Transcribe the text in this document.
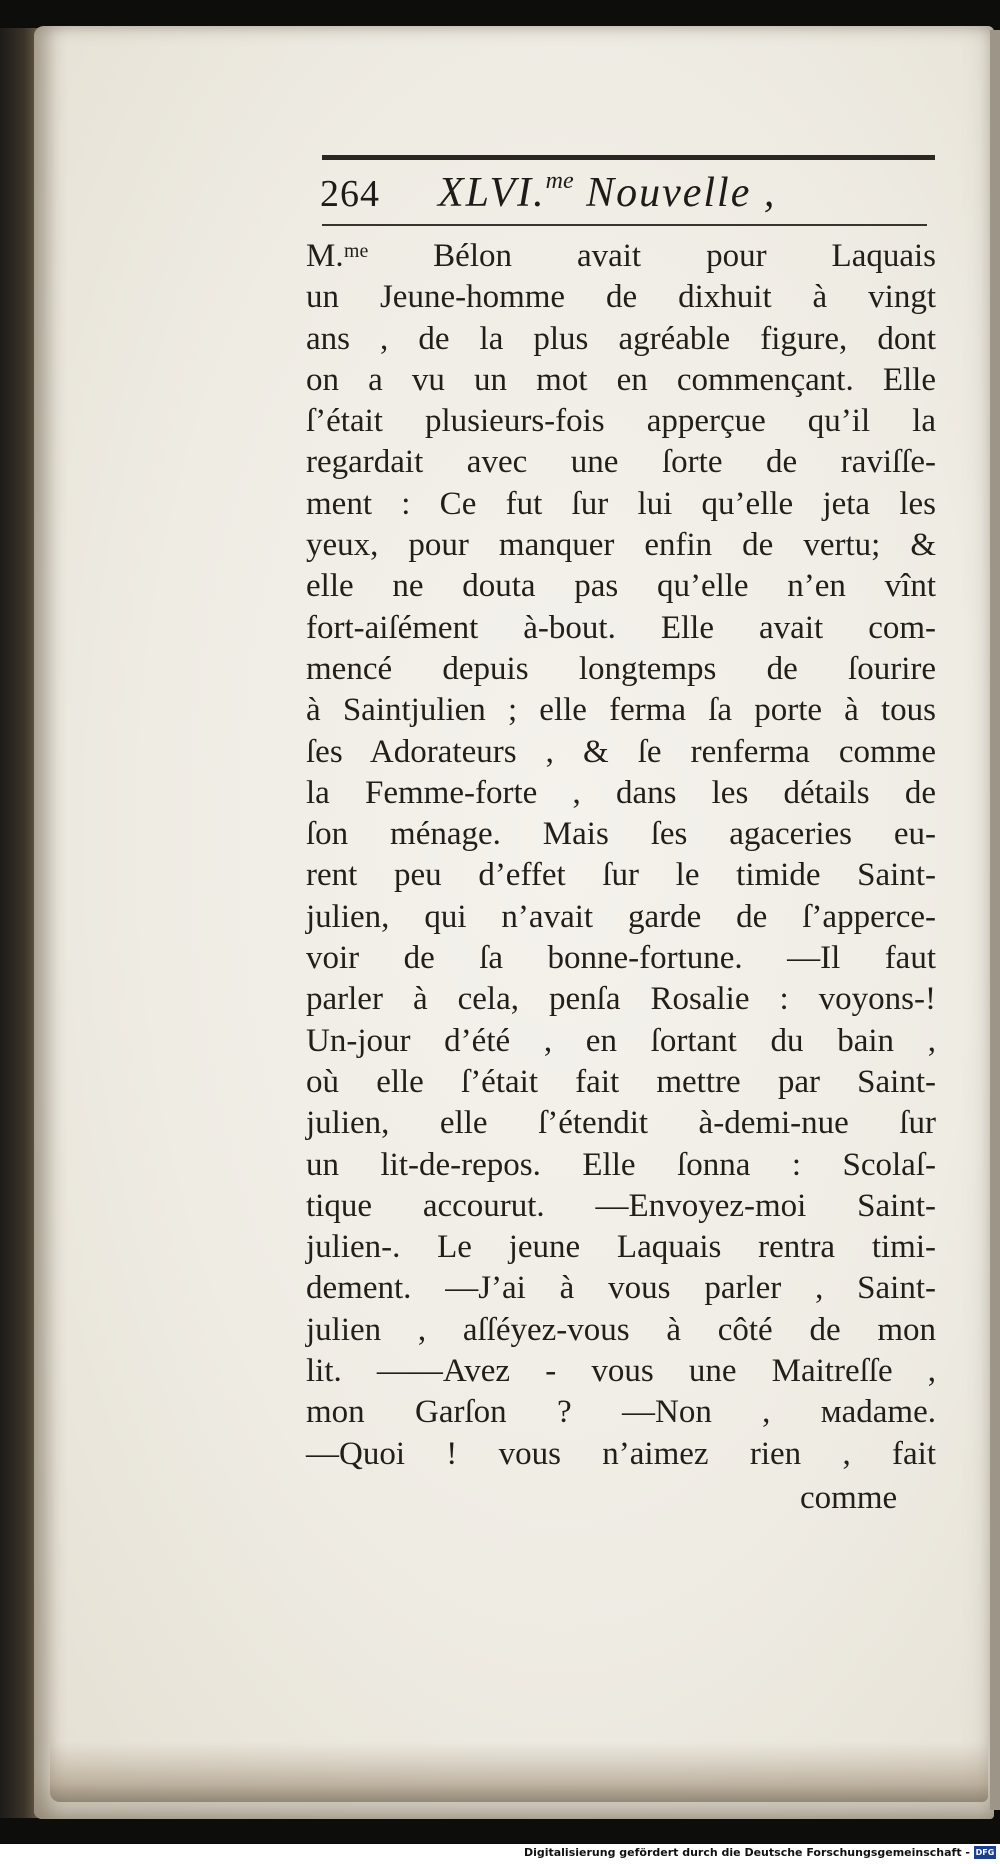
264 XLVI.$^{me}$ Nouvelle ,
M.ᵐᵉ Bélon avait pour Laquais
un Jeune-homme de dixhuit à vingt
ans , de la plus agréable figure, dont
on a vu un mot en commençant. Elle
ſ’était plusieurs-fois apperçue qu’il la
regardait avec une ſorte de raviſſe-
ment : Ce fut ſur lui qu’elle jeta les
yeux, pour manquer enfin de vertu; &
elle ne douta pas qu’elle n’en vînt
fort-aiſément à-bout. Elle avait com-
mencé depuis longtemps de ſourire
à Saintjulien ; elle ferma ſa porte à tous
ſes Adorateurs , & ſe renferma comme
la Femme-forte , dans les détails de
ſon ménage. Mais ſes agaceries eu-
rent peu d’effet ſur le timide Saint-
julien, qui n’avait garde de ſ’apperce-
voir de ſa bonne-fortune. —Il faut
parler à cela, penſa Rosalie : voyons-!
Un-jour d’été , en ſortant du bain ,
où elle ſ’était fait mettre par Saint-
julien, elle ſ’étendit à-demi-nue ſur
un lit-de-repos. Elle ſonna : Scolaſ-
tique accourut. —Envoyez-moi Saint-
julien-. Le jeune Laquais rentra timi-
dement. —J’ai à vous parler , Saint-
julien , aſſéyez-vous à côté de mon
lit. ——Avez - vous une Maitreſſe ,
mon Garſon ? —Non , ᴍadame.
—Quoi ! vous n’aimez rien , fait
comme
Digitalisierung gefördert durch die Deutsche Forschungsgemeinschaft - DFG
